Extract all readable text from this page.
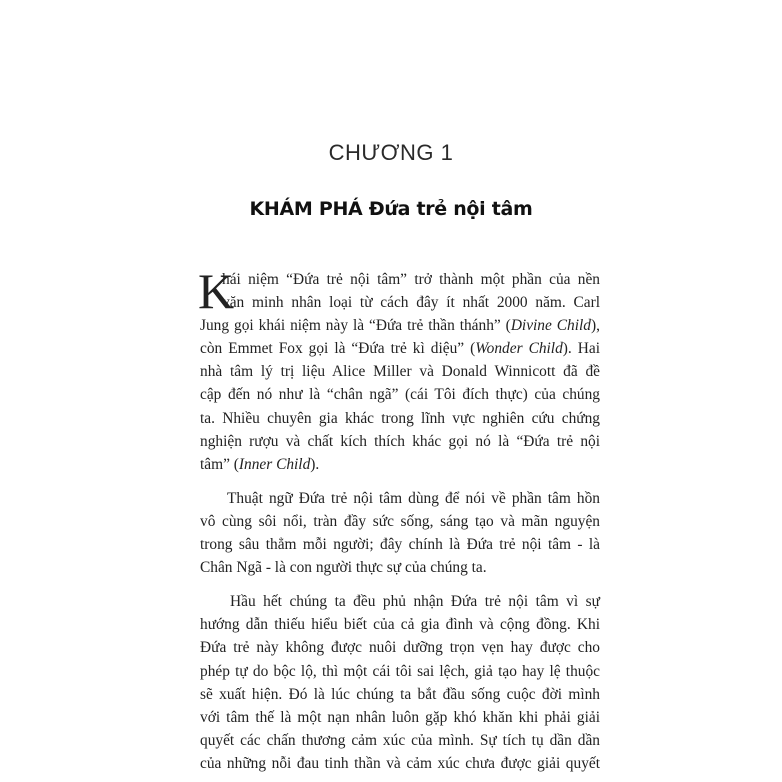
CHƯƠNG 1
KHÁM PHÁ Đứa trẻ nội tâm
K
hái niệm “Đứa trẻ nội tâm” trở thành một phần của nền
văn minh nhân loại từ cách đây ít nhất 2000 năm. Carl
Jung gọi khái niệm này là “Đứa trẻ thần thánh” (Divine Child),
còn Emmet Fox gọi là “Đứa trẻ kì diệu” (Wonder Child). Hai
nhà tâm lý trị liệu Alice Miller và Donald Winnicott đã đề
cập đến nó như là “chân ngã” (cái Tôi đích thực) của chúng
ta. Nhiều chuyên gia khác trong lĩnh vực nghiên cứu chứng
nghiện rượu và chất kích thích khác gọi nó là “Đứa trẻ nội
tâm” (Inner Child).
Thuật ngữ Đứa trẻ nội tâm dùng để nói về phần tâm hồn
vô cùng sôi nổi, tràn đầy sức sống, sáng tạo và mãn nguyện
trong sâu thẳm mỗi người; đây chính là Đứa trẻ nội tâm - là
Chân Ngã - là con người thực sự của chúng ta.
Hầu hết chúng ta đều phủ nhận Đứa trẻ nội tâm vì sự
hướng dẫn thiếu hiểu biết của cả gia đình và cộng đồng. Khi
Đứa trẻ này không được nuôi dưỡng trọn vẹn hay được cho
phép tự do bộc lộ, thì một cái tôi sai lệch, giả tạo hay lệ thuộc
sẽ xuất hiện. Đó là lúc chúng ta bắt đầu sống cuộc đời mình
với tâm thế là một nạn nhân luôn gặp khó khăn khi phải giải
quyết các chấn thương cảm xúc của mình. Sự tích tụ dần dần
của những nỗi đau tinh thần và cảm xúc chưa được giải quyết
